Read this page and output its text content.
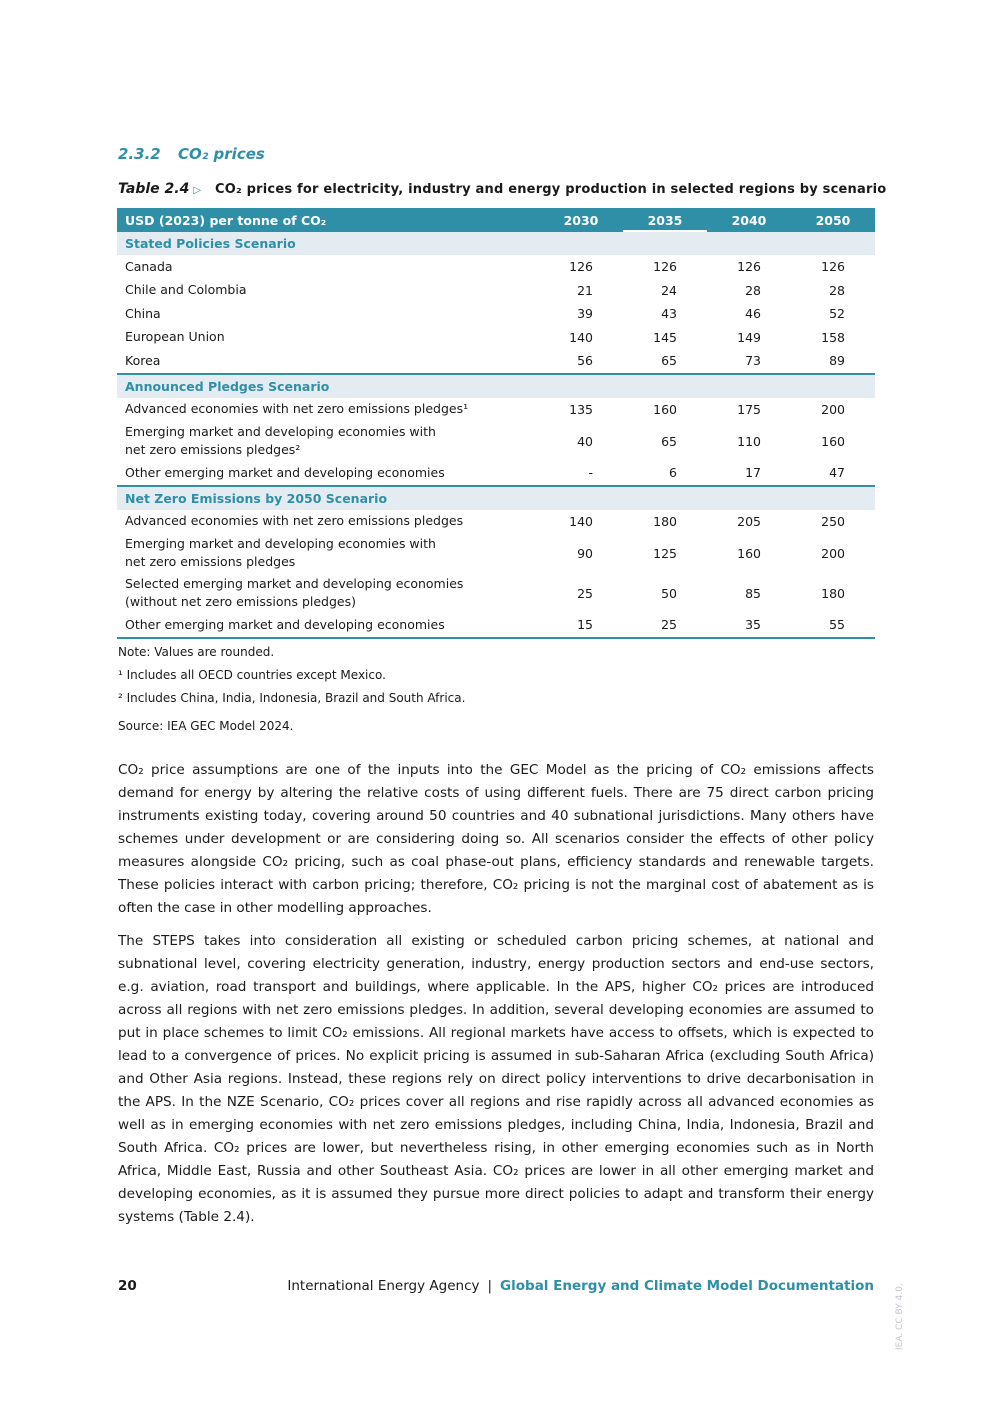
2.3.2 CO₂ prices
Table 2.4 ▷ CO₂ prices for electricity, industry and energy production in selected regions by scenario
USD (2023) per tonne of CO₂	2030	2035	2040	2050
Stated Policies Scenario				

Canada	126	126	126	126

Chile and Colombia	21	24	28	28

China	39	43	46	52

European Union	140	145	149	158

Korea	56	65	73	89
Announced Pledges Scenario				

Advanced economies with net zero emissions pledges¹	135	160	175	200

Emerging market and developing economies with
net zero emissions pledges²	40	65	110	160

Other emerging market and developing economies	-	6	17	47
Net Zero Emissions by 2050 Scenario				

Advanced economies with net zero emissions pledges	140	180	205	250

Emerging market and developing economies with
net zero emissions pledges	90	125	160	200

Selected emerging market and developing economies
(without net zero emissions pledges)	25	50	85	180

Other emerging market and developing economies	15	25	35	55
Note: Values are rounded.
¹ Includes all OECD countries except Mexico.
² Includes China, India, Indonesia, Brazil and South Africa.
Source: IEA GEC Model 2024.

CO₂ price assumptions are one of the inputs into the GEC Model as the pricing of CO₂ emissions affects demand for energy by altering the relative costs of using different fuels. There are 75 direct carbon pricing instruments existing today, covering around 50 countries and 40 subnational jurisdictions. Many others have schemes under development or are considering doing so. All scenarios consider the effects of other policy measures alongside CO₂ pricing, such as coal phase-out plans, efficiency standards and renewable targets. These policies interact with carbon pricing; therefore, CO₂ pricing is not the marginal cost of abatement as is often the case in other modelling approaches.

The STEPS takes into consideration all existing or scheduled carbon pricing schemes, at national and subnational level, covering electricity generation, industry, energy production sectors and end-use sectors, e.g. aviation, road transport and buildings, where applicable. In the APS, higher CO₂ prices are introduced across all regions with net zero emissions pledges. In addition, several developing economies are assumed to put in place schemes to limit CO₂ emissions. All regional markets have access to offsets, which is expected to lead to a convergence of prices. No explicit pricing is assumed in sub-Saharan Africa (excluding South Africa) and Other Asia regions. Instead, these regions rely on direct policy interventions to drive decarbonisation in the APS. In the NZE Scenario, CO₂ prices cover all regions and rise rapidly across all advanced economies as well as in emerging economies with net zero emissions pledges, including China, India, Indonesia, Brazil and South Africa. CO₂ prices are lower, but nevertheless rising, in other emerging economies such as in North Africa, Middle East, Russia and other Southeast Asia. CO₂ prices are lower in all other emerging market and developing economies, as it is assumed they pursue more direct policies to adapt and transform their energy systems (Table 2.4).

20	International Energy Agency | Global Energy and Climate Model Documentation IEA. CC BY 4.0.
